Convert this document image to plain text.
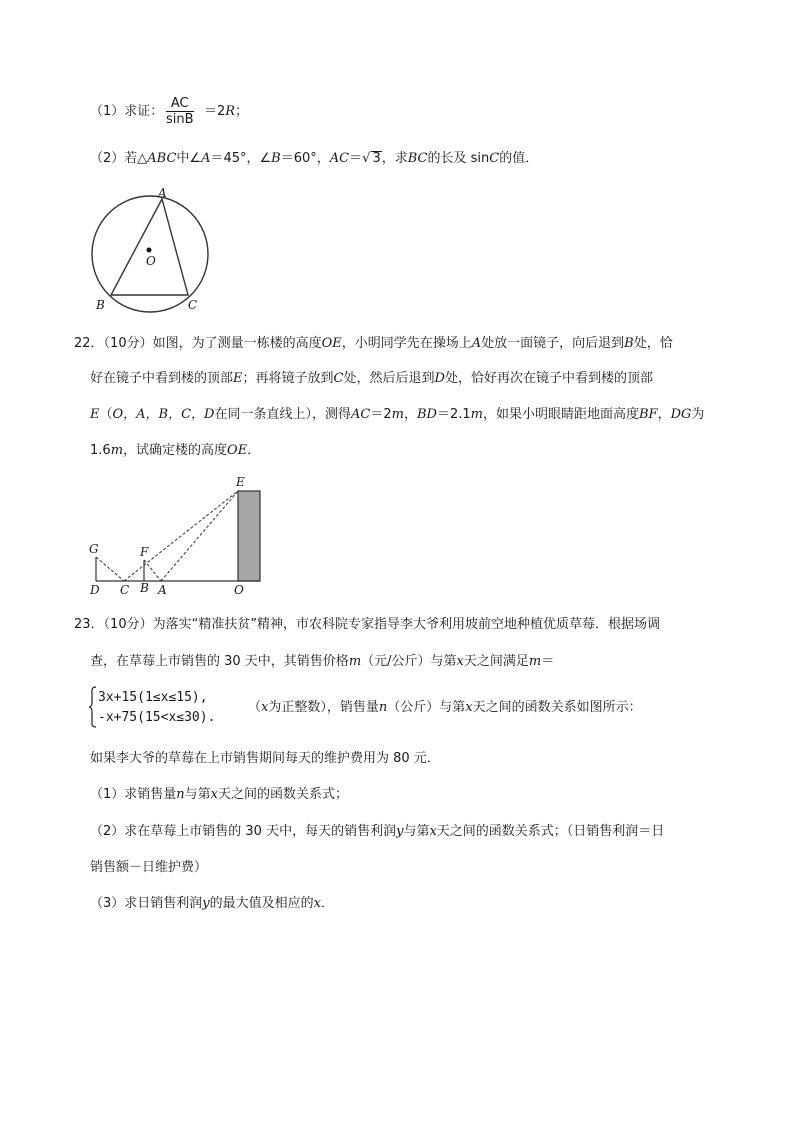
（1）求证：
AC
sinB
＝2R；
（2）若△ABC中∠A＝45°，∠B＝60°，AC＝√ 3，求BC的长及 sinC的值．
A
O
B	C
22．（10分）如图，为了测量一栋楼的高度OE，小明同学先在操场上A处放一面镜子，向后退到B处，恰
好在镜子中看到楼的顶部E；再将镜子放到C处，然后后退到D处，恰好再次在镜子中看到楼的顶部
E（O，A，B，C，D在同一条直线上），测得AC＝2m，BD＝2.1m，如果小明眼睛距地面高度BF，DG为
1.6m，试确定楼的高度OE．
E
G	F
D C B A	O
23．（10分）为落实“精准扶贫”精神，市农科院专家指导李大爷利用坡前空地种植优质草莓．根据场调
查，在草莓上市销售的 30 天中，其销售价格m（元/公斤）与第x天之间满足m＝
3x+15(1≤x≤15),
-x+75(15<x≤30).
（x为正整数），销售量n（公斤）与第x天之间的函数关系如图所示：
如果李大爷的草莓在上市销售期间每天的维护费用为 80 元．
（1）求销售量n与第x天之间的函数关系式；
（2）求在草莓上市销售的 30 天中，每天的销售利润y与第x天之间的函数关系式；（日销售利润＝日
销售额－日维护费）
（3）求日销售利润y的最大值及相应的x．
